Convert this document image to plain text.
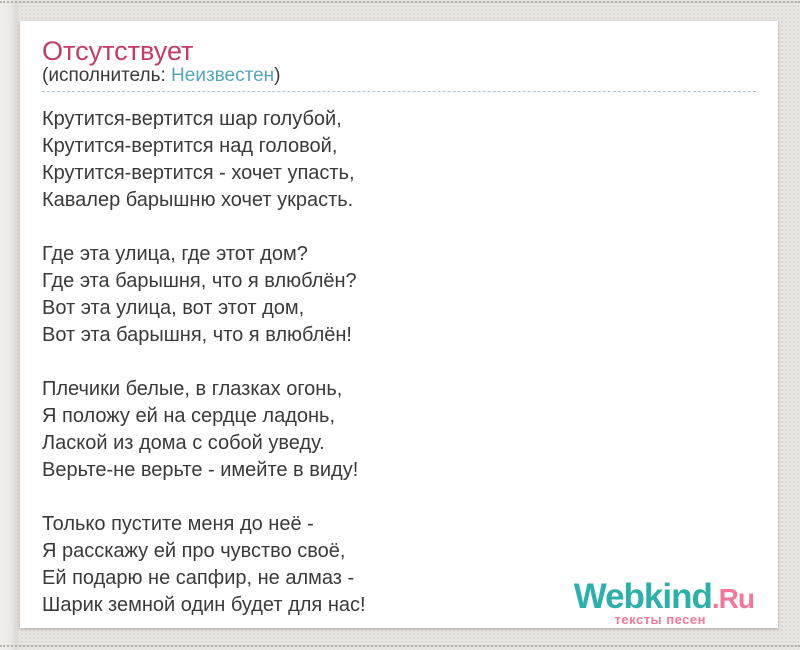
Отсутствует
(исполнитель: Неизвестен)
Крутится-вертится шар голубой,
Крутится-вертится над головой,
Крутится-вертится - хочет упасть,
Кавалер барышню хочет украсть.
Где эта улица, где этот дом?
Где эта барышня, что я влюблён?
Вот эта улица, вот этот дом,
Вот эта барышня, что я влюблён!
Плечики белые, в глазках огонь,
Я положу ей на сердце ладонь,
Лаской из дома с собой уведу.
Верьте-не верьте - имейте в виду!
Только пустите меня до неё -
Я расскажу ей про чувство своё,
Ей подарю не сапфир, не алмаз -
Шарик земной один будет для нас!	Webkind.Ru
тексты песен
